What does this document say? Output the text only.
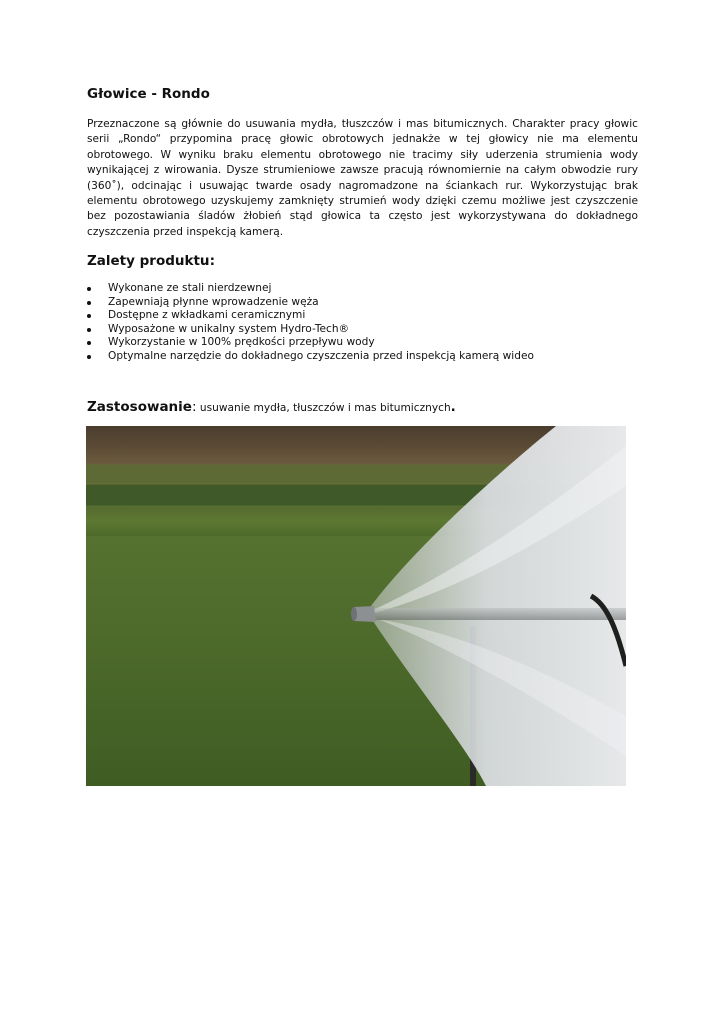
Głowice - Rondo

Przeznaczone są głównie do usuwania mydła, tłuszczów i mas bitumicznych. Charakter pracy głowic serii „Rondo“ przypomina pracę głowic obrotowych jednakże w tej głowicy nie ma elementu obrotowego. W wyniku braku elementu obrotowego nie tracimy siły uderzenia strumienia wody wynikającej z wirowania. Dysze strumieniowe zawsze pracują równomiernie na całym obwodzie rury (360˚), odcinając i usuwając twarde osady nagromadzone na ściankach rur. Wykorzystując brak elementu obrotowego uzyskujemy zamknięty strumień wody dzięki czemu możliwe jest czyszczenie bez pozostawiania śladów żłobień stąd głowica ta często jest wykorzystywana do dokładnego czyszczenia przed inspekcją kamerą.

Zalety produktu:
Wykonane ze stali nierdzewnej
Zapewniają płynne wprowadzenie węża
Dostępne z wkładkami ceramicznymi
Wyposażone w unikalny system Hydro-Tech®
Wykorzystanie w 100% prędkości przepływu wody
Optymalne narzędzie do dokładnego czyszczenia przed inspekcją kamerą wideo

Zastosowanie: usuwanie mydła, tłuszczów i mas bitumicznych.
